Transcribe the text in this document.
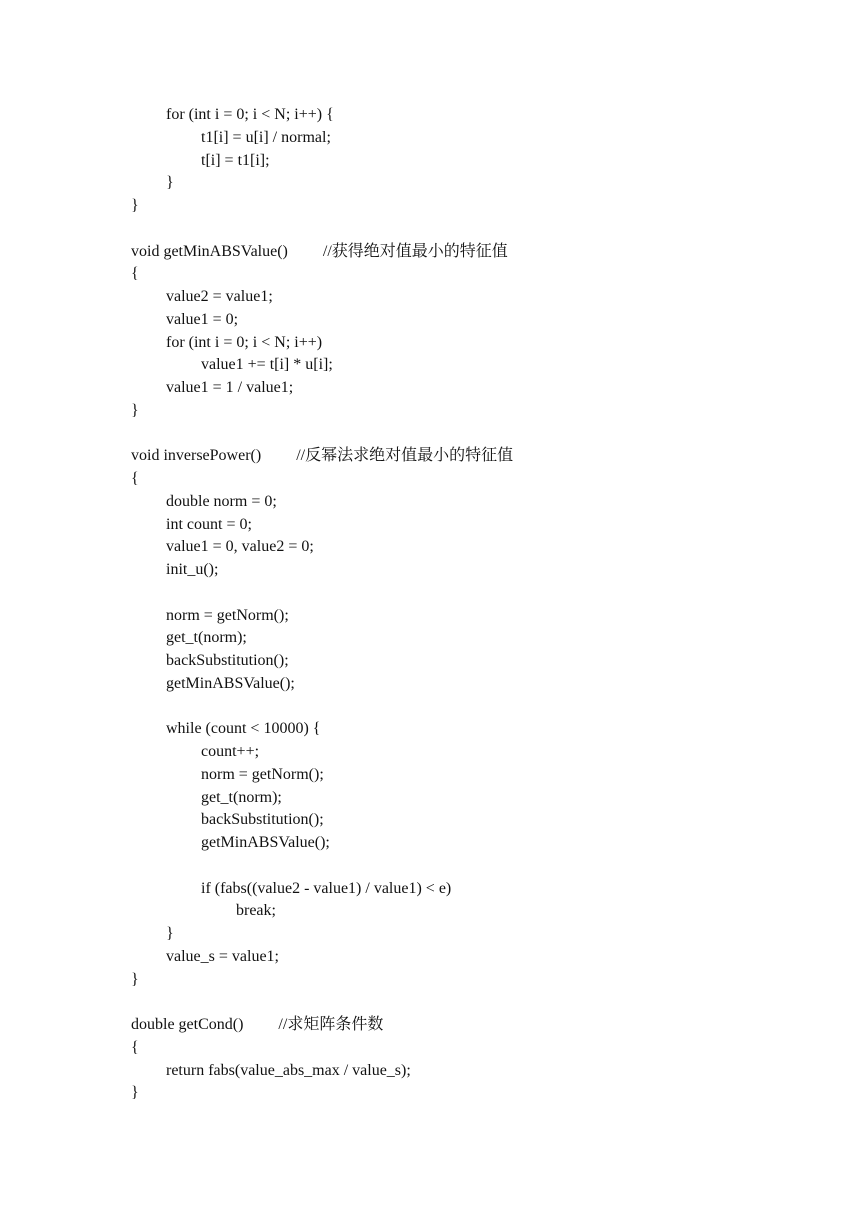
for (int i = 0; i < N; i++) {
t1[i] = u[i] / normal;
t[i] = t1[i];
}
}
void getMinABSValue() //获得绝对值最小的特征值
{
value2 = value1;
value1 = 0;
for (int i = 0; i < N; i++)
value1 += t[i] * u[i];
value1 = 1 / value1;
}
void inversePower() //反幂法求绝对值最小的特征值
{
double norm = 0;
int count = 0;
value1 = 0, value2 = 0;
init_u();
norm = getNorm();
get_t(norm);
backSubstitution();
getMinABSValue();
while (count < 10000) {
count++;
norm = getNorm();
get_t(norm);
backSubstitution();
getMinABSValue();
if (fabs((value2 - value1) / value1) < e)
break;
}
value_s = value1;
}
double getCond() //求矩阵条件数
{
return fabs(value_abs_max / value_s);
}
